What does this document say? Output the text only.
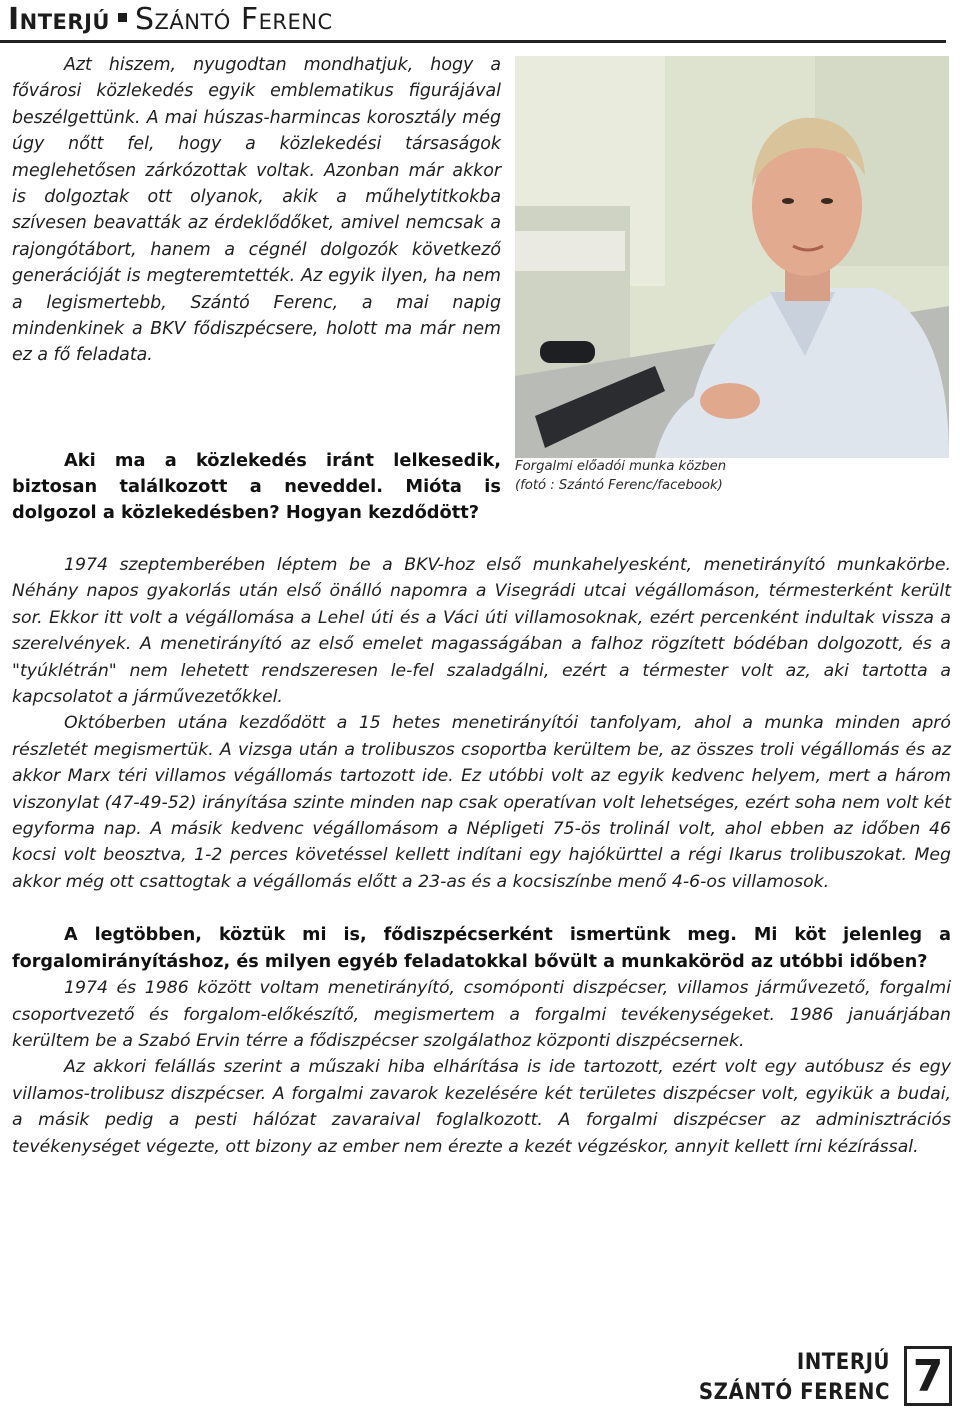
Interjú Szántó Ferenc

Azt hiszem, nyugodtan mondhatjuk, hogy a fővárosi közlekedés egyik emblematikus figurájával beszélgettünk. A mai húszas-harmincas korosztály még úgy nőtt fel, hogy a közlekedési társaságok meglehetősen zárkózottak voltak. Azonban már akkor is dolgoztak ott olyanok, akik a műhelytitkokba szívesen beavatták az érdeklődőket, amivel nemcsak a rajongótábort, hanem a cégnél dolgozók következő generációját is megteremtették. Az egyik ilyen, ha nem a legismertebb, Szántó Ferenc, a mai napig mindenkinek a BKV fődiszpécsere, holott ma már nem ez a fő feladata.

Aki ma a közlekedés iránt lelkesedik, biztosan találkozott a neveddel. Mióta is dolgozol a közlekedésben? Hogyan kezdődött?

Forgalmi előadói munka közben
(fotó : Szántó Ferenc/facebook)

1974 szeptemberében léptem be a BKV-hoz első munkahelyesként, menetirányító munkakörbe. Néhány napos gyakorlás után első önálló napomra a Visegrádi utcai végállomáson, térmesterként került sor. Ekkor itt volt a végállomása a Lehel úti és a Váci úti villamosoknak, ezért percenként indultak vissza a szerelvények. A menetirányító az első emelet magasságában a falhoz rögzített bódéban dolgozott, és a "tyúklétrán" nem lehetett rendszeresen le-fel szaladgálni, ezért a térmester volt az, aki tartotta a kapcsolatot a járművezetőkkel.

Októberben utána kezdődött a 15 hetes menetirányítói tanfolyam, ahol a munka minden apró részletét megismertük. A vizsga után a trolibuszos csoportba kerültem be, az összes troli végállomás és az akkor Marx téri villamos végállomás tartozott ide. Ez utóbbi volt az egyik kedvenc helyem, mert a három viszonylat (47-49-52) irányítása szinte minden nap csak operatívan volt lehetséges, ezért soha nem volt két egyforma nap. A másik kedvenc végállomásom a Népligeti 75-ös trolinál volt, ahol ebben az időben 46 kocsi volt beosztva, 1-2 perces követéssel kellett indítani egy hajókürttel a régi Ikarus trolibuszokat. Meg akkor még ott csattogtak a végállomás előtt a 23-as és a kocsiszínbe menő 4-6-os villamosok.

A legtöbben, köztük mi is, fődiszpécserként ismertünk meg. Mi köt jelenleg a forgalomirányításhoz, és milyen egyéb feladatokkal bővült a munkaköröd az utóbbi időben?

1974 és 1986 között voltam menetirányító, csomóponti diszpécser, villamos járművezető, forgalmi csoportvezető és forgalom-előkészítő, megismertem a forgalmi tevékenységeket. 1986 januárjában kerültem be a Szabó Ervin térre a fődiszpécser szolgálathoz központi diszpécsernek.

Az akkori felállás szerint a műszaki hiba elhárítása is ide tartozott, ezért volt egy autóbusz és egy villamos-trolibusz diszpécser. A forgalmi zavarok kezelésére két területes diszpécser volt, egyikük a budai, a másik pedig a pesti hálózat zavaraival foglalkozott. A forgalmi diszpécser az adminisztrációs tevékenységet végezte, ott bizony az ember nem érezte a kezét végzéskor, annyit kellett írni kézírással.

INTERJÚ
SZÁNTÓ FERENC 7
